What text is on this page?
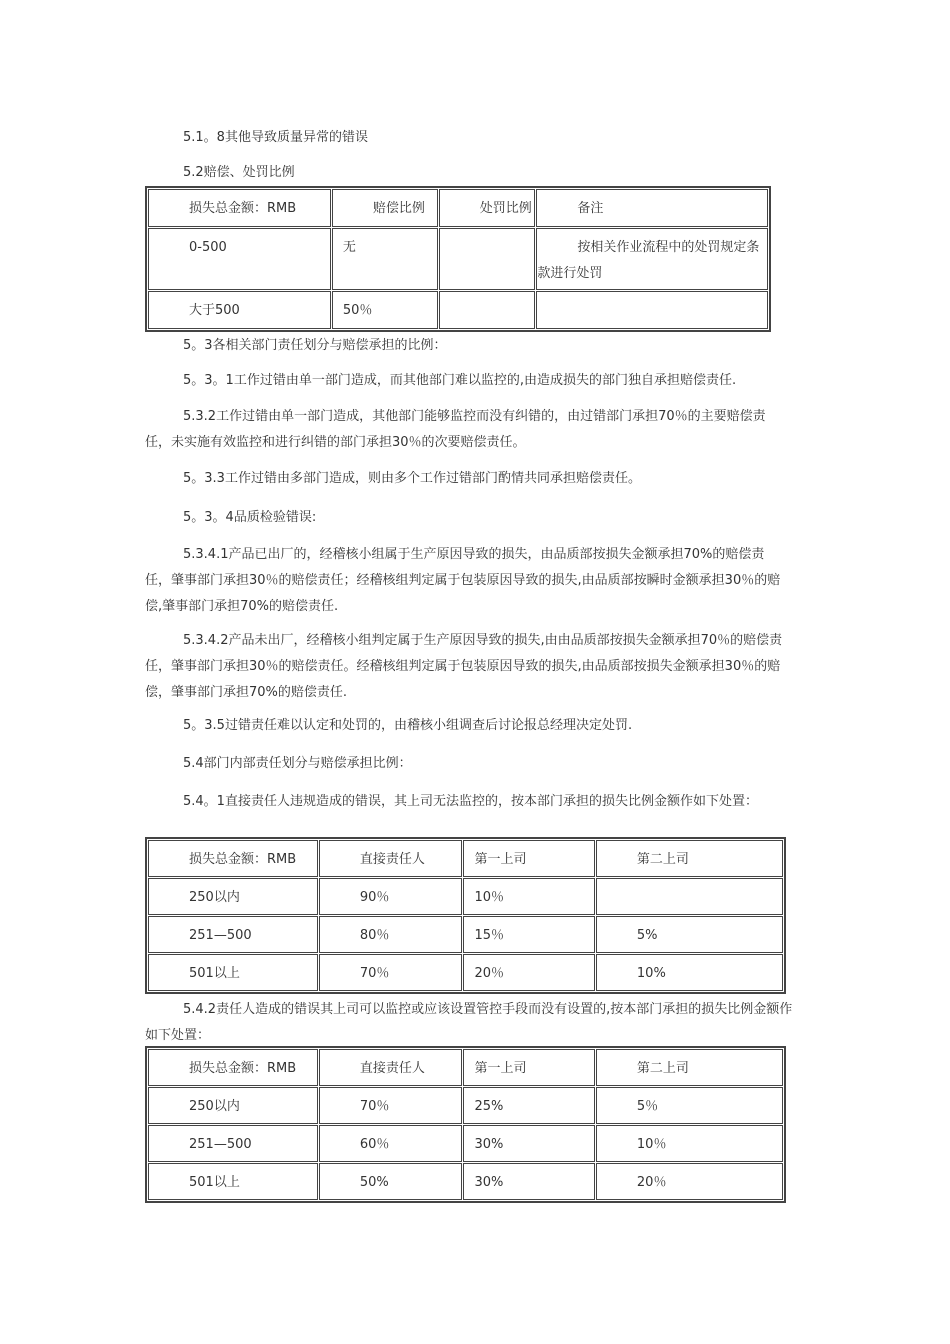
5.1。8其他导致质量异常的错误

5.2赔偿、处罚比例

损失总金额：RMB	赔偿比例	处罚比例	备注
0-500	无		按相关作业流程中的处罚规定条款进行处罚

大于500	50％		

5。3各相关部门责任划分与赔偿承担的比例：

5。3。1工作过错由单一部门造成，而其他部门难以监控的,由造成损失的部门独自承担赔偿责任.

5.3.2工作过错由单一部门造成，其他部门能够监控而没有纠错的，由过错部门承担70％的主要赔偿责任，未实施有效监控和进行纠错的部门承担30％的次要赔偿责任。

5。3.3工作过错由多部门造成，则由多个工作过错部门酌情共同承担赔偿责任。

5。3。4品质检验错误:

5.3.4.1产品已出厂的，经稽核小组属于生产原因导致的损失，由品质部按损失金额承担70%的赔偿责任，肇事部门承担30％的赔偿责任；经稽核组判定属于包装原因导致的损失,由品质部按瞬时金额承担30％的赔偿,肇事部门承担70%的赔偿责任.

5.3.4.2产品未出厂，经稽核小组判定属于生产原因导致的损失,由由品质部按损失金额承担70％的赔偿责任，肇事部门承担30％的赔偿责任。经稽核组判定属于包装原因导致的损失,由品质部按损失金额承担30％的赔偿，肇事部门承担70%的赔偿责任.

5。3.5过错责任难以认定和处罚的，由稽核小组调查后讨论报总经理决定处罚.

5.4部门内部责任划分与赔偿承担比例：

5.4。1直接责任人违规造成的错误，其上司无法监控的，按本部门承担的损失比例金额作如下处置：

损失总金额：RMB	直接责任人	第一上司	第二上司
250以内	90％	10％	
251—500	80％	15％	5%
501以上	70％	20％	10%

5.4.2责任人造成的错误其上司可以监控或应该设置管控手段而没有设置的,按本部门承担的损失比例金额作如下处置：

损失总金额：RMB	直接责任人	第一上司	第二上司
250以内	70％	25%	5％
251—500	60％	30%	10％
501以上	50%	30%	20％
